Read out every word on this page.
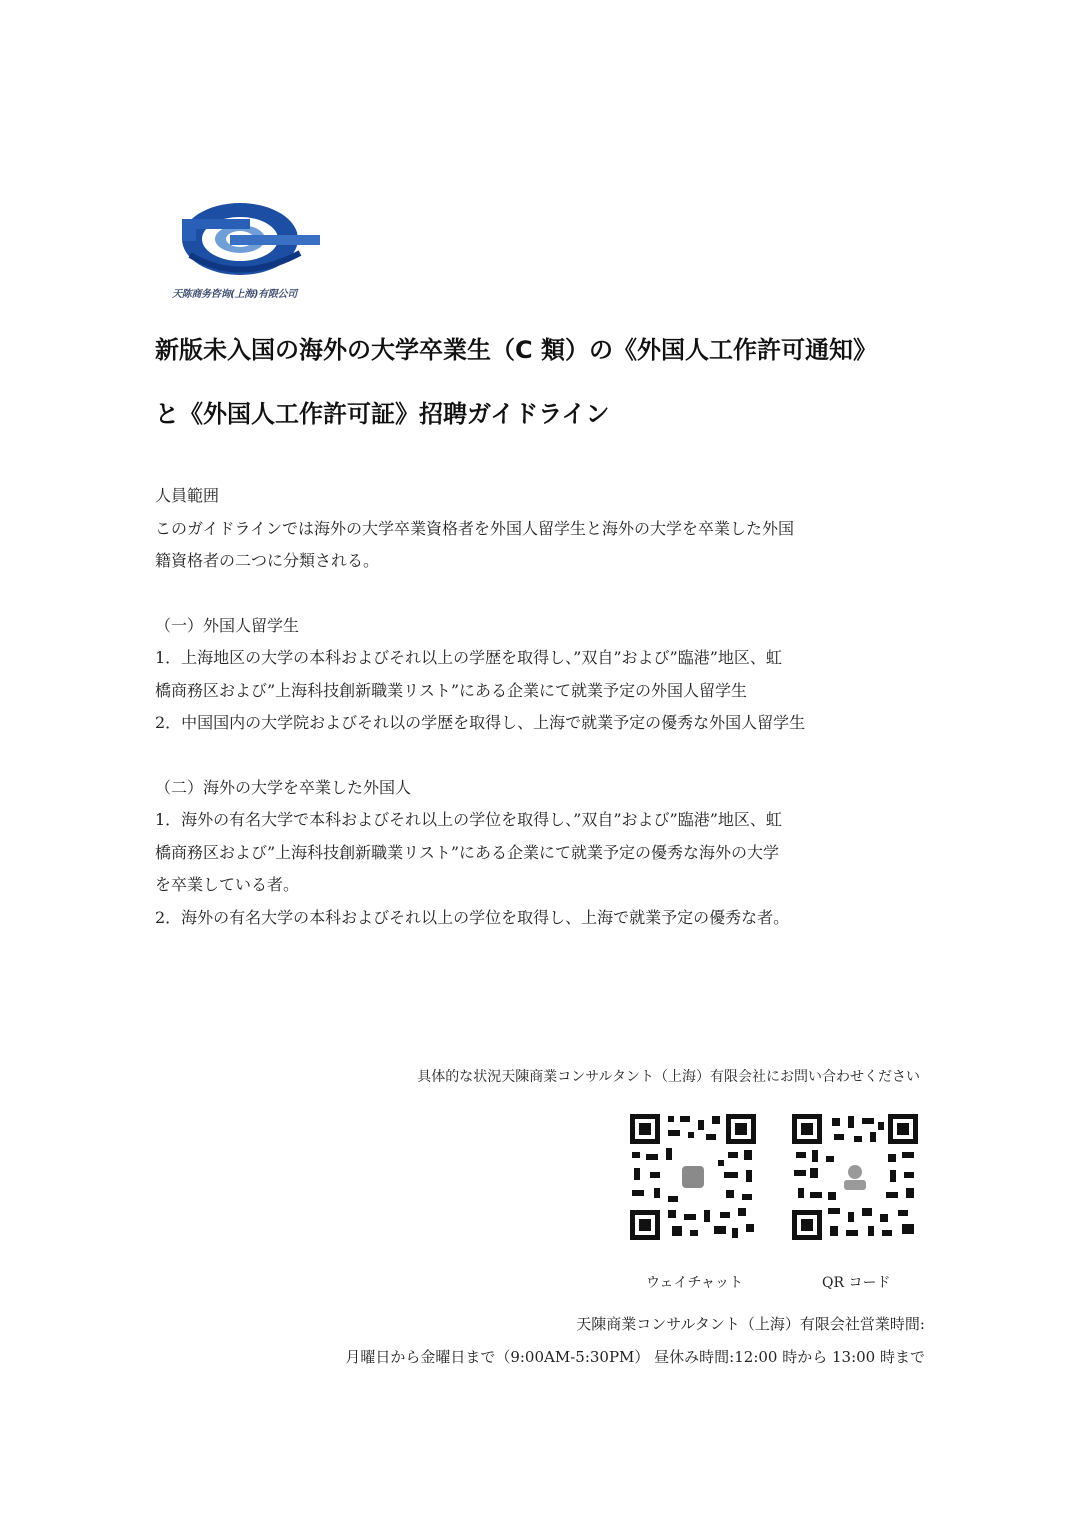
天陈商务咨询(上海)有限公司
新版未入国の海外の大学卒業生（C 類）の《外国人工作許可通知》
と《外国人工作許可証》招聘ガイドライン

人員範囲

このガイドラインでは海外の大学卒業資格者を外国人留学生と海外の大学を卒業した外国

籍資格者の二つに分類される。

（一）外国人留学生

1．上海地区の大学の本科およびそれ以上の学歴を取得し、”双自”および”臨港”地区、虹

橋商務区および”上海科技創新職業リスト”にある企業にて就業予定の外国人留学生

2．中国国内の大学院およびそれ以の学歴を取得し、上海で就業予定の優秀な外国人留学生

（二）海外の大学を卒業した外国人

1．海外の有名大学で本科およびそれ以上の学位を取得し、”双自”および”臨港”地区、虹

橋商務区および”上海科技創新職業リスト”にある企業にて就業予定の優秀な海外の大学

を卒業している者。

2．海外の有名大学の本科およびそれ以上の学位を取得し、上海で就業予定の優秀な者。

具体的な状況天陳商業コンサルタント（上海）有限会社にお問い合わせください
ウェイチャット	QR コード
天陳商業コンサルタント（上海）有限会社営業時間:
月曜日から金曜日まで（9:00AM-5:30PM） 昼休み時間:12:00 時から 13:00 時まで
